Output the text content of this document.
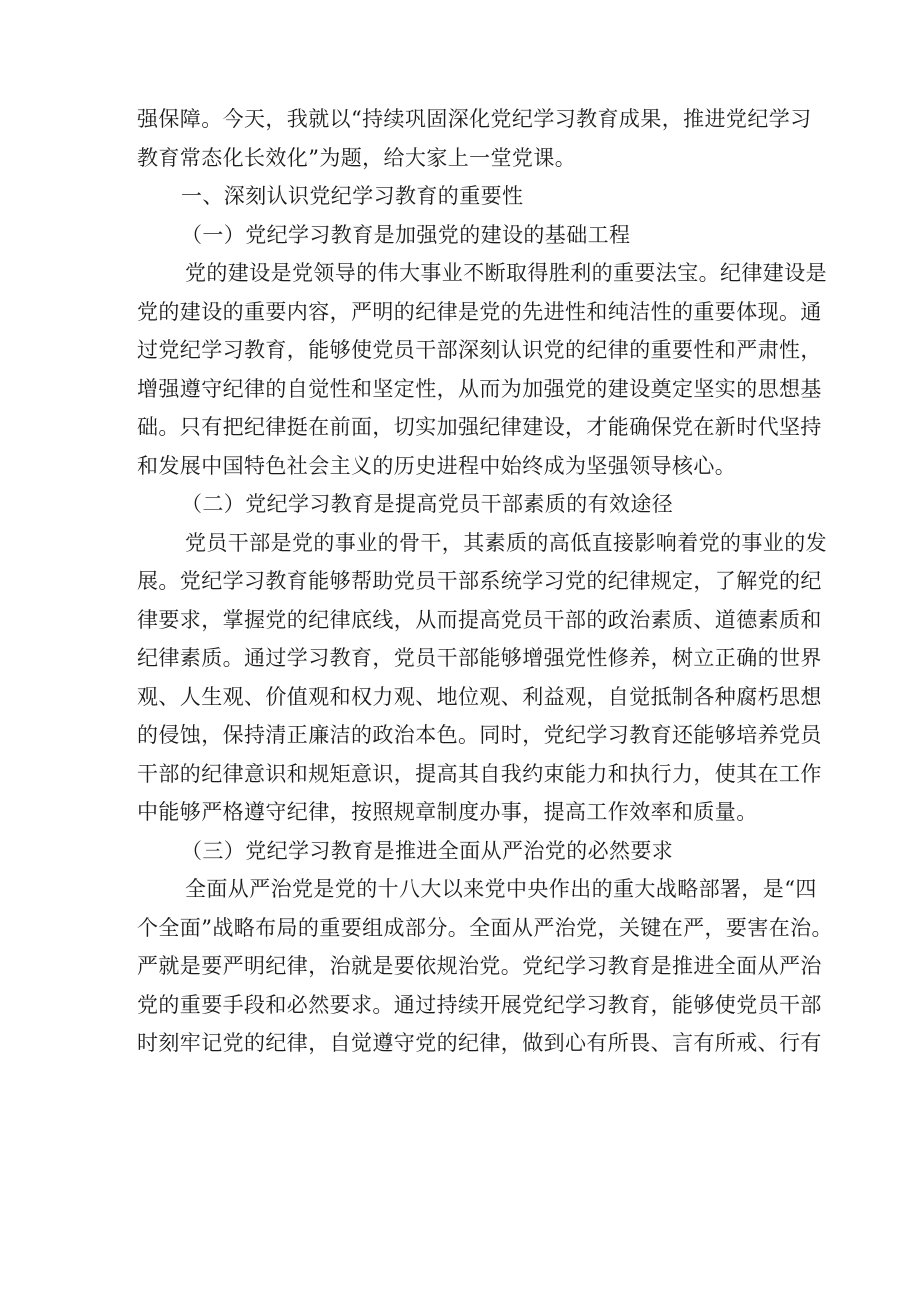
强保障。今天，我就以“持续巩固深化党纪学习教育成果，推进党纪学习

教育常态化长效化”为题，给大家上一堂党课。

一、深刻认识党纪学习教育的重要性

（一）党纪学习教育是加强党的建设的基础工程

党的建设是党领导的伟大事业不断取得胜利的重要法宝。纪律建设是

党的建设的重要内容，严明的纪律是党的先进性和纯洁性的重要体现。通

过党纪学习教育，能够使党员干部深刻认识党的纪律的重要性和严肃性，

增强遵守纪律的自觉性和坚定性，从而为加强党的建设奠定坚实的思想基

础。只有把纪律挺在前面，切实加强纪律建设，才能确保党在新时代坚持

和发展中国特色社会主义的历史进程中始终成为坚强领导核心。

（二）党纪学习教育是提高党员干部素质的有效途径

党员干部是党的事业的骨干，其素质的高低直接影响着党的事业的发

展。党纪学习教育能够帮助党员干部系统学习党的纪律规定，了解党的纪

律要求，掌握党的纪律底线，从而提高党员干部的政治素质、道德素质和

纪律素质。通过学习教育，党员干部能够增强党性修养，树立正确的世界

观、人生观、价值观和权力观、地位观、利益观，自觉抵制各种腐朽思想

的侵蚀，保持清正廉洁的政治本色。同时，党纪学习教育还能够培养党员

干部的纪律意识和规矩意识，提高其自我约束能力和执行力，使其在工作

中能够严格遵守纪律，按照规章制度办事，提高工作效率和质量。

（三）党纪学习教育是推进全面从严治党的必然要求

全面从严治党是党的十八大以来党中央作出的重大战略部署，是“四

个全面”战略布局的重要组成部分。全面从严治党，关键在严，要害在治。

严就是要严明纪律，治就是要依规治党。党纪学习教育是推进全面从严治

党的重要手段和必然要求。通过持续开展党纪学习教育，能够使党员干部

时刻牢记党的纪律，自觉遵守党的纪律，做到心有所畏、言有所戒、行有
